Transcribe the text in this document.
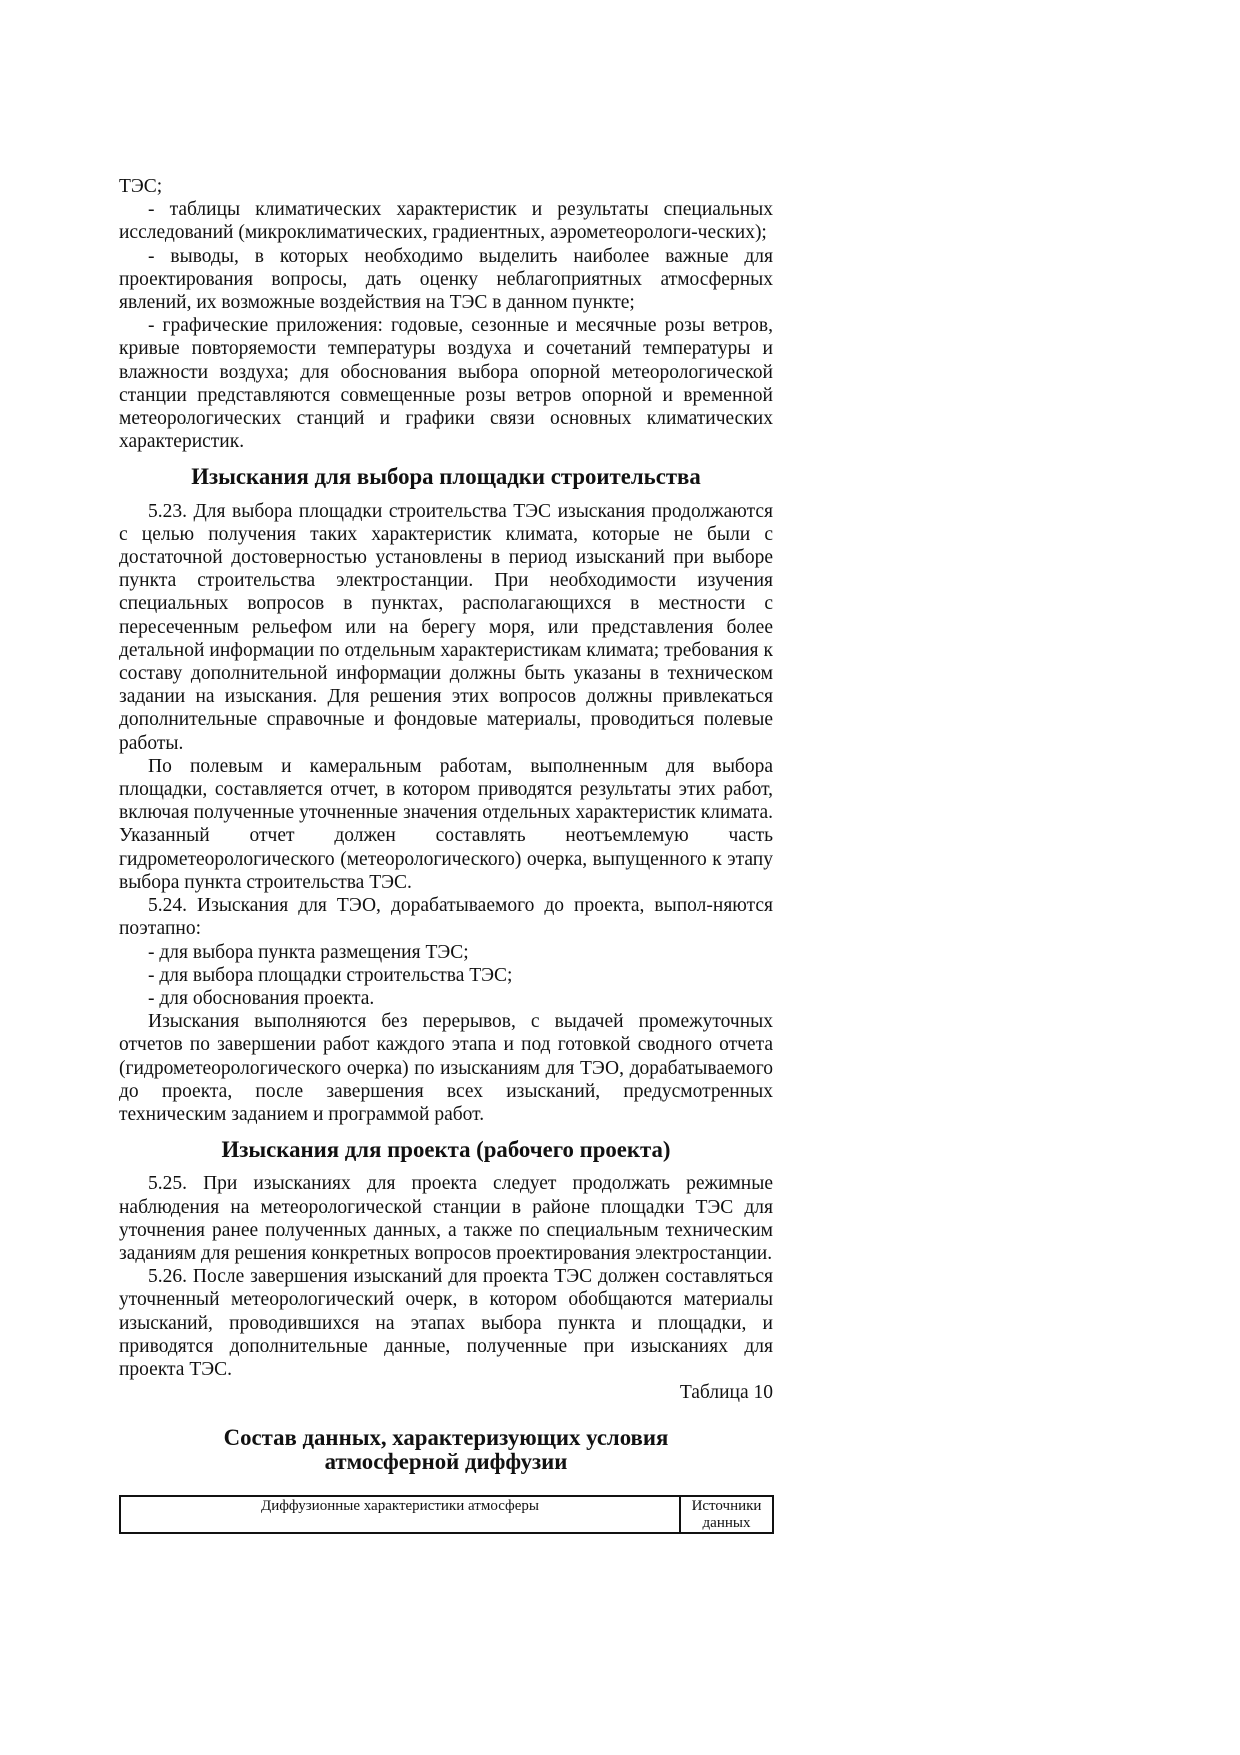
ТЭС;

- таблицы климатических характеристик и результаты специальных исследований (микроклиматических, градиентных, аэрометеорологи-ческих);

- выводы, в которых необходимо выделить наиболее важные для проектирования вопросы, дать оценку неблагоприятных атмосферных явлений, их возможные воздействия на ТЭС в данном пункте;

- графические приложения: годовые, сезонные и месячные розы ветров, кривые повторяемости температуры воздуха и сочетаний температуры и влажности воздуха; для обоснования выбора опорной метеорологической станции представляются совмещенные розы ветров опорной и временной метеорологических станций и графики связи основных климатических характеристик.

Изыскания для выбора площадки строительства

5.23. Для выбора площадки строительства ТЭС изыскания продолжаются с целью получения таких характеристик климата, которые не были с достаточной достоверностью установлены в период изысканий при выборе пункта строительства электростанции. При необходимости изучения специальных вопросов в пунктах, располагающихся в местности с пересеченным рельефом или на берегу моря, или представления более детальной информации по отдельным характеристикам климата; требования к составу дополнительной информации должны быть указаны в техническом задании на изыскания. Для решения этих вопросов должны привлекаться дополнительные справочные и фондовые материалы, проводиться полевые работы.

По полевым и камеральным работам, выполненным для выбора площадки, составляется отчет, в котором приводятся результаты этих работ, включая полученные уточненные значения отдельных характеристик климата. Указанный отчет должен составлять неотъемлемую часть гидрометеорологического (метеорологического) очерка, выпущенного к этапу выбора пункта строительства ТЭС.

5.24. Изыскания для ТЭО, дорабатываемого до проекта, выпол-няются поэтапно:

- для выбора пункта размещения ТЭС;

- для выбора площадки строительства ТЭС;

- для обоснования проекта.

Изыскания выполняются без перерывов, с выдачей промежуточных отчетов по завершении работ каждого этапа и под готовкой сводного отчета (гидрометеорологического очерка) по изысканиям для ТЭО, дорабатываемого до проекта, после завершения всех изысканий, предусмотренных техническим заданием и программой работ.

Изыскания для проекта (рабочего проекта)

5.25. При изысканиях для проекта следует продолжать режимные наблюдения на метеорологической станции в районе площадки ТЭС для уточнения ранее полученных данных, а также по специальным техническим заданиям для решения конкретных вопросов проектирования электростанции.

5.26. После завершения изысканий для проекта ТЭС должен составляться уточненный метеорологический очерк, в котором обобщаются материалы изысканий, проводившихся на этапах выбора пункта и площадки, и приводятся дополнительные данные, полученные при изысканиях для проекта ТЭС.

Таблица 10

Состав данных, характеризующих условия
атмосферной диффузии
Диффузионные характеристики атмосферы	Источники данных
